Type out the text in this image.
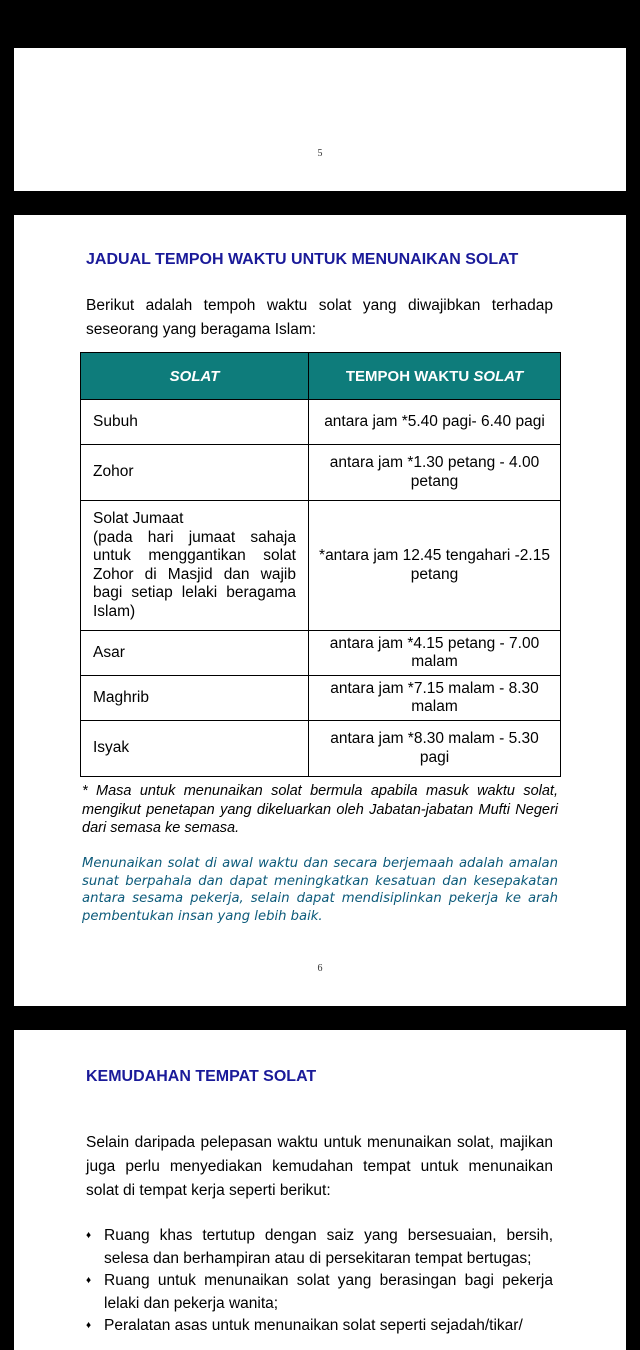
5
JADUAL TEMPOH WAKTU UNTUK MENUNAIKAN SOLAT
Berikut adalah tempoh waktu solat yang diwajibkan terhadap seseorang yang beragama Islam:
SOLAT	TEMPOH WAKTU SOLAT
Subuh	antara jam *5.40 pagi- 6.40 pagi
Zohor	antara jam *1.30 petang - 4.00 petang
Solat Jumaat
(pada hari jumaat sahaja untuk menggantikan solat Zohor di Masjid dan wajib bagi setiap lelaki beragama Islam)	*antara jam 12.45 tengahari -2.15 petang
Asar	antara jam *4.15 petang - 7.00 malam
Maghrib	antara jam *7.15 malam - 8.30 malam
Isyak	antara jam *8.30 malam - 5.30 pagi
* Masa untuk menunaikan solat bermula apabila masuk waktu solat, mengikut penetapan yang dikeluarkan oleh Jabatan-jabatan Mufti Negeri dari semasa ke semasa.
Menunaikan solat di awal waktu dan secara berjemaah adalah amalan sunat berpahala dan dapat meningkatkan kesatuan dan kesepakatan antara sesama pekerja, selain dapat mendisiplinkan pekerja ke arah pembentukan insan yang lebih baik.
6
KEMUDAHAN TEMPAT SOLAT
Selain daripada pelepasan waktu untuk menunaikan solat, majikan juga perlu menyediakan kemudahan tempat untuk menunaikan solat di tempat kerja seperti berikut:
♦ Ruang khas tertutup dengan saiz yang bersesuaian, bersih, selesa dan berhampiran atau di persekitaran tempat bertugas;
♦ Ruang untuk menunaikan solat yang berasingan bagi pekerja lelaki dan pekerja wanita;
♦ Peralatan asas untuk menunaikan solat seperti sejadah/tikar/
